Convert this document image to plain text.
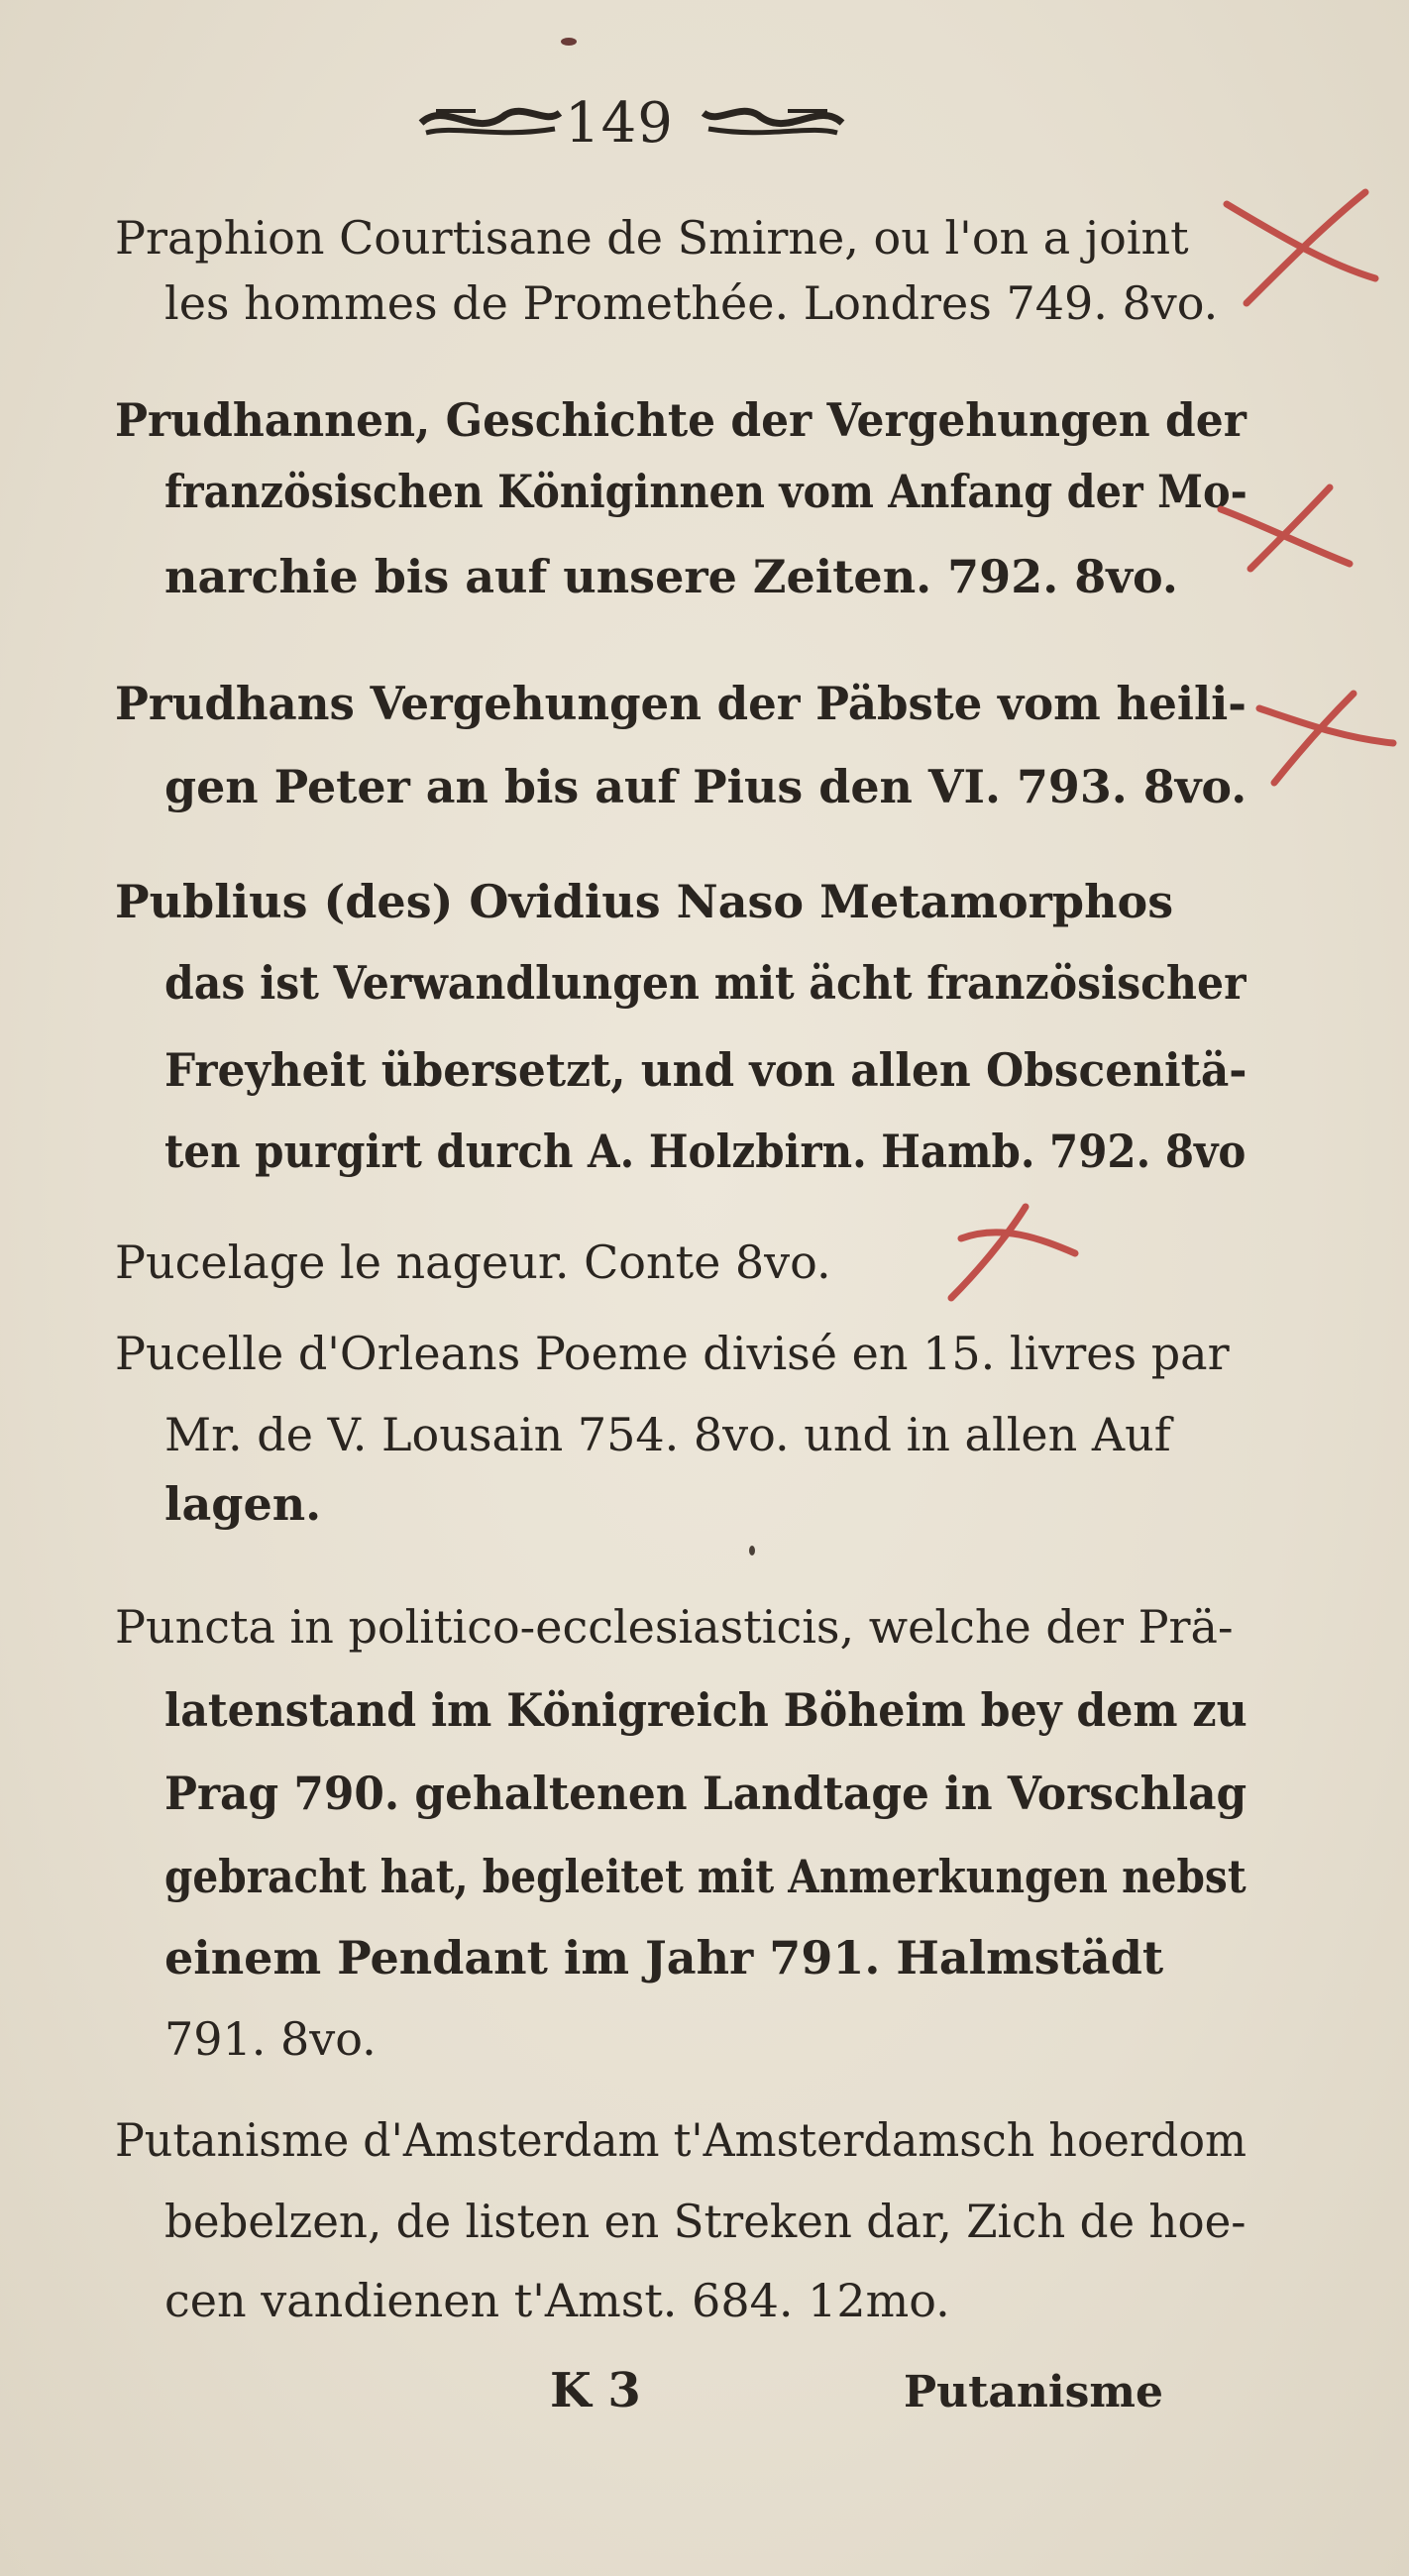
149
Praphion Courtisane de Smirne, ou l'on a joint
les hommes de Promethée. Londres 749. 8vo.
Prudhannen, Geschichte der Vergehungen der
französischen Königinnen vom Anfang der Mo-
narchie bis auf unsere Zeiten. 792. 8vo.
Prudhans Vergehungen der Päbste vom heili-
gen Peter an bis auf Pius den VI. 793. 8vo.
Publius (des) Ovidius Naso Metamorphos
das ist Verwandlungen mit ächt französischer
Freyheit übersetzt, und von allen Obscenitä-
ten purgirt durch A. Holzbirn. Hamb. 792. 8vo
Pucelage le nageur. Conte 8vo.
Pucelle d'Orleans Poeme divisé en 15. livres par
Mr. de V. Lousain 754. 8vo. und in allen Auf
lagen.
Puncta in politico-ecclesiasticis, welche der Prä-
latenstand im Königreich Böheim bey dem zu
Prag 790. gehaltenen Landtage in Vorschlag
gebracht hat, begleitet mit Anmerkungen nebst
einem Pendant im Jahr 791. Halmstädt
791. 8vo.
Putanisme d'Amsterdam t'Amsterdamsch hoerdom
bebelzen, de listen en Streken dar, Zich de hoe-
cen vandienen t'Amst. 684. 12mo.
K 3	Putanisme
